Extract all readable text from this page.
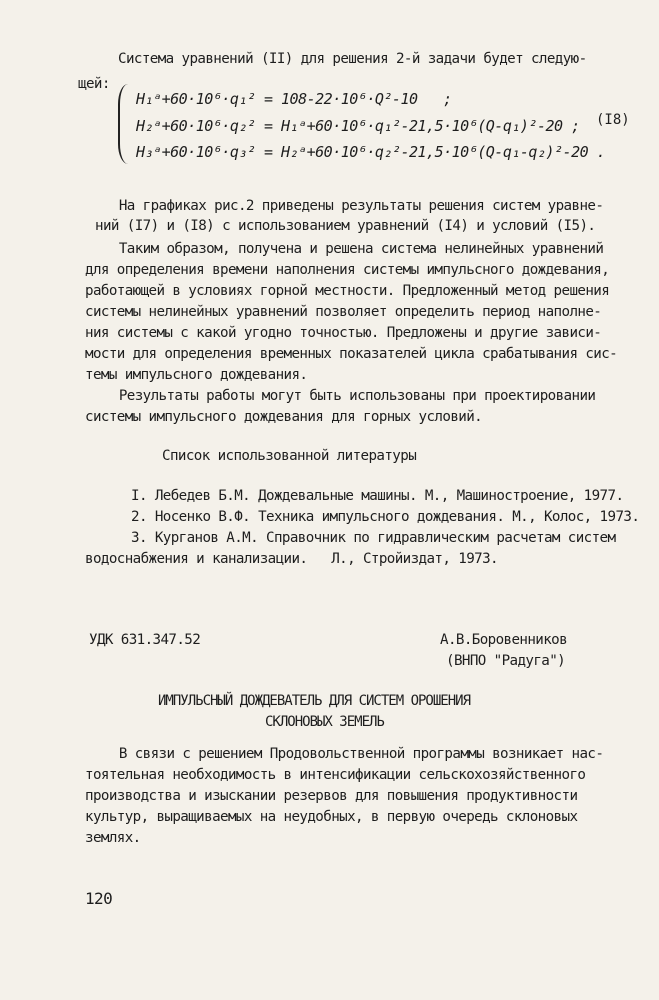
Система уравнений (II) для решения 2-й задачи будет следую-
щей:
H₁ᵃ+60·10⁶·q₁² = 108-22·10⁶·Q²-10   ;
H₂ᵃ+60·10⁶·q₂² = H₁ᵃ+60·10⁶·q₁²-21,5·10⁶(Q-q₁)²-20 ;
H₃ᵃ+60·10⁶·q₃² = H₂ᵃ+60·10⁶·q₂²-21,5·10⁶(Q-q₁-q₂)²-20 .
(I8)
На графиках рис.2 приведены результаты решения систем уравне-
ний (I7) и (I8) с использованием уравнений (I4) и условий (I5).
Таким образом, получена и решена система нелинейных уравнений
для определения времени наполнения системы импульсного дождевания,
работающей в условиях горной местности. Предложенный метод решения
системы нелинейных уравнений позволяет определить период наполне-
ния системы с какой угодно точностью. Предложены и другие зависи-
мости для определения временных показателей цикла срабатывания сис-
темы импульсного дождевания.
Результаты работы могут быть использованы при проектировании
системы импульсного дождевания для горных условий.
Список использованной литературы
I. Лебедев Б.М. Дождевальные машины. М., Машиностроение, 1977.
2. Носенко В.Ф. Техника импульсного дождевания. М., Колос, 1973.
3. Курганов А.М. Справочник по гидравлическим расчетам систем
водоснабжения и канализации.   Л., Стройиздат, 1973.
УДК 631.347.52	А.В.Боровенников
(ВНПО "Радуга")
ИМПУЛЬСНЫЙ ДОЖДЕВАТЕЛЬ ДЛЯ СИСТЕМ ОРОШЕНИЯ
СКЛОНОВЫХ ЗЕМЕЛЬ
В связи с решением Продовольственной программы возникает нас-
тоятельная необходимость в интенсификации сельскохозяйственного
производства и изыскании резервов для повышения продуктивности
культур, выращиваемых на неудобных, в первую очередь склоновых
землях.
120
